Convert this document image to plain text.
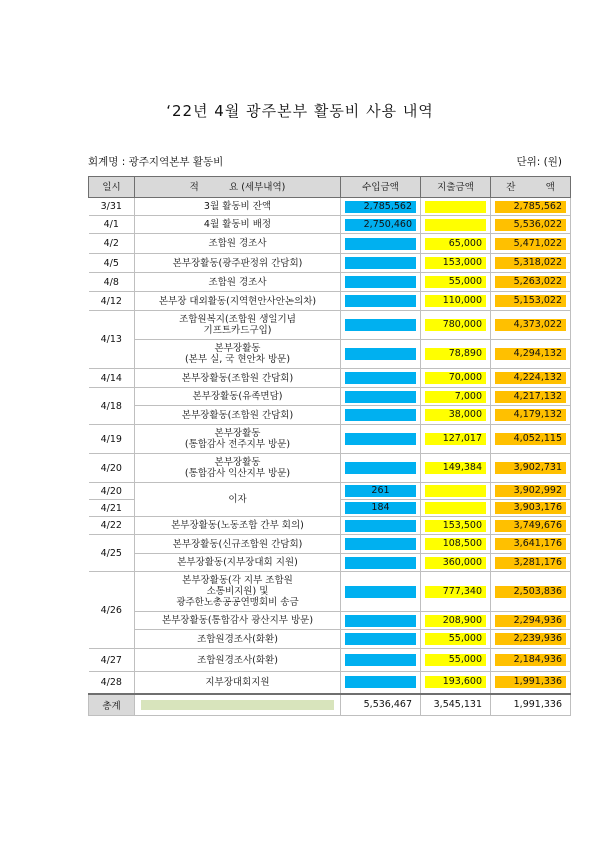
‘22년 4월 광주본부 활동비 사용 내역
회계명 : 광주지역본부 활동비	단위: (원)
일시	적          요 (세부내역)	수입금액	지출금액	잔          액

3/31	3월 활동비 잔액	2,785,562		2,785,562

4/1	4월 활동비 배정	2,750,460		5,536,022

4/2	조합원 경조사		65,000	5,471,022

4/5	본부장활동(광주판정위 간담회)		153,000	5,318,022

4/8	조합원 경조사		55,000	5,263,022

4/12	본부장 대외활동(지역현안사안논의차)		110,000	5,153,022

4/13	조합원복지(조합원 생일기념
기프트카드구입)		780,000	4,373,022

	본부장활동
(본부 실, 국 현안차 방문)		78,890	4,294,132

4/14	본부장활동(조합원 간담회)		70,000	4,224,132

4/18	본부장활동(유족면담)		7,000	4,217,132

	본부장활동(조합원 간담회)		38,000	4,179,132

4/19	본부장활동
(통합감사 전주지부 방문)		127,017	4,052,115

4/20	본부장활동
(통합감사 익산지부 방문)		149,384	3,902,731

4/20	이자	261		3,902,992

4/21		184		3,903,176

4/22	본부장활동(노동조합 간부 회의)		153,500	3,749,676

4/25	본부장활동(신규조합원 간담회)		108,500	3,641,176

	본부장활동(지부장대회 지원)		360,000	3,281,176

4/26	본부장활동(각 지부 조합원
소통비지원) 및
광주한노총공공연맹회비 송금		777,340	2,503,836

	본부장활동(통합감사 광산지부 방문)		208,900	2,294,936

	조합원경조사(화환)		55,000	2,239,936

4/27	조합원경조사(화환)		55,000	2,184,936

4/28	지부장대회지원		193,600	1,991,336

총계		5,536,467	3,545,131	1,991,336
